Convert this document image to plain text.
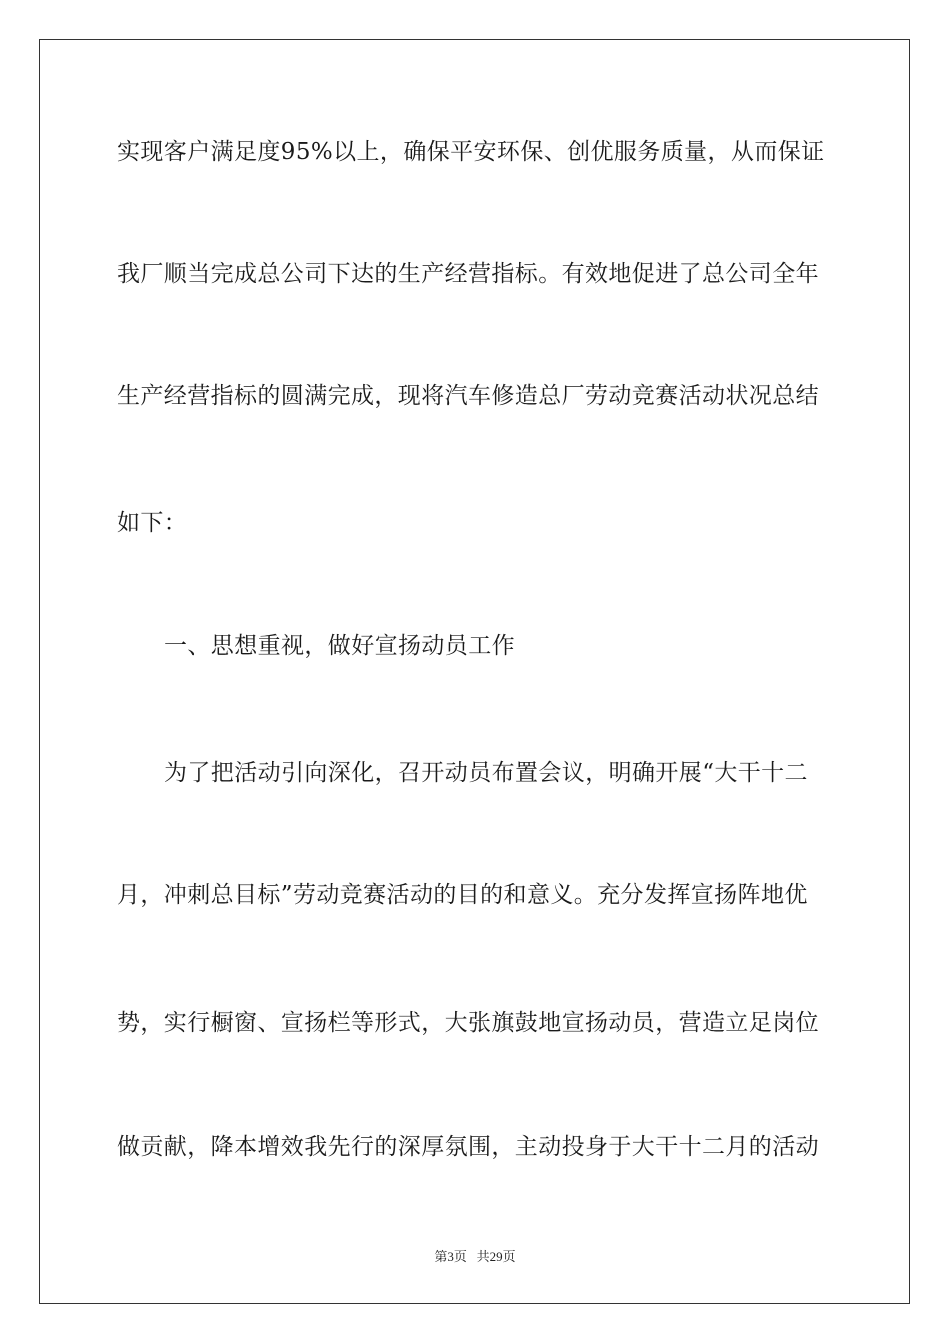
实现客户满足度95%以上，确保平安环保、创优服务质量，从而保证
我厂顺当完成总公司下达的生产经营指标。有效地促进了总公司全年
生产经营指标的圆满完成，现将汽车修造总厂劳动竞赛活动状况总结
如下：
一、思想重视，做好宣扬动员工作
为了把活动引向深化，召开动员布置会议，明确开展“大干十二
月，冲刺总目标”劳动竞赛活动的目的和意义。充分发挥宣扬阵地优
势，实行橱窗、宣扬栏等形式，大张旗鼓地宣扬动员，营造立足岗位
做贡献，降本增效我先行的深厚氛围，主动投身于大干十二月的活动
第3页 共29页
